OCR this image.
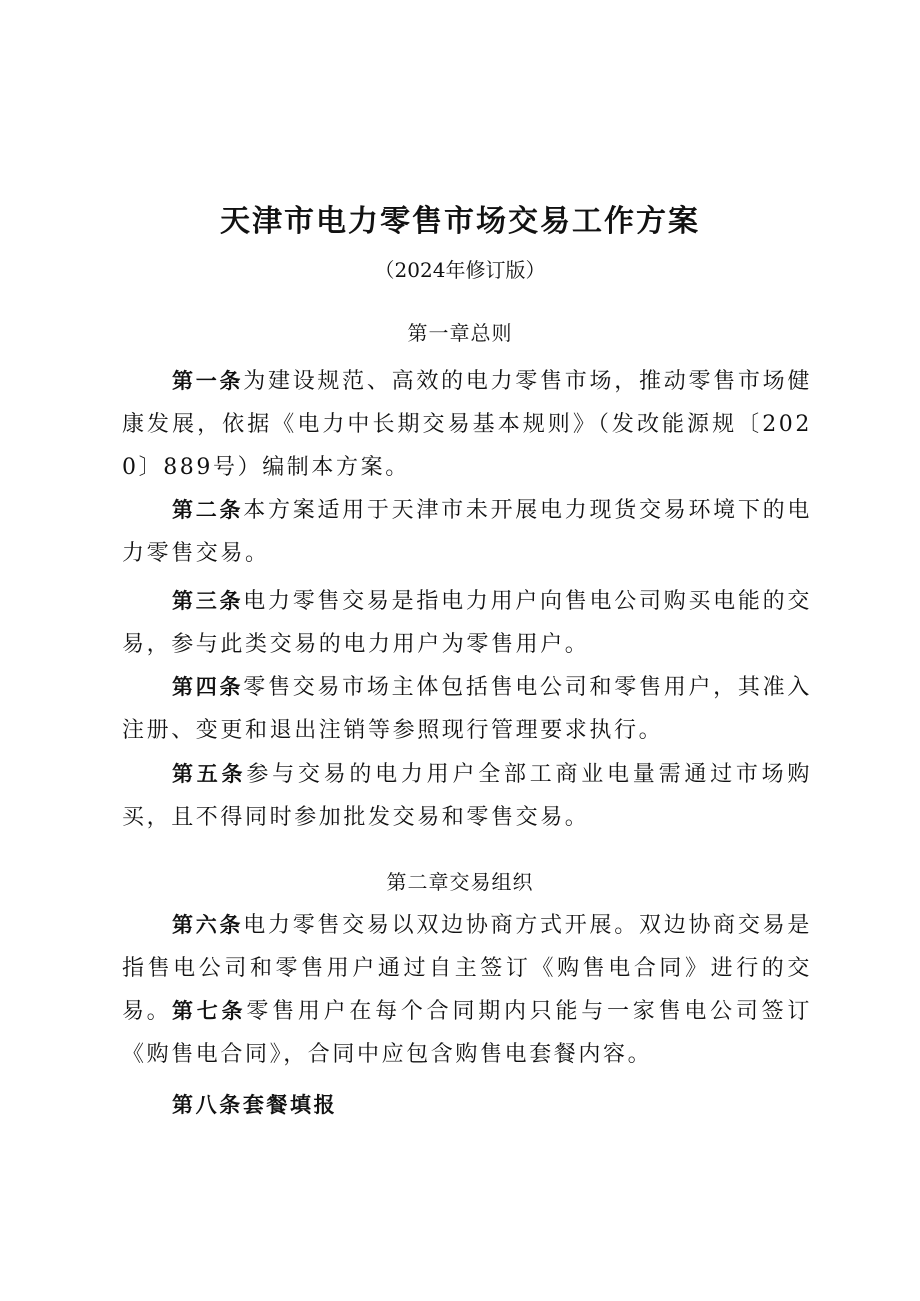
天津市电力零售市场交易工作方案

（2024年修订版）

第一章总则

第一条为建设规范、高效的电力零售市场，推动零售市场健康发展，依据《电力中长期交易基本规则》（发改能源规〔2020〕889号）编制本方案。

第二条本方案适用于天津市未开展电力现货交易环境下的电力零售交易。

第三条电力零售交易是指电力用户向售电公司购买电能的交易，参与此类交易的电力用户为零售用户。

第四条零售交易市场主体包括售电公司和零售用户，其准入注册、变更和退出注销等参照现行管理要求执行。

第五条参与交易的电力用户全部工商业电量需通过市场购买，且不得同时参加批发交易和零售交易。

第二章交易组织

第六条电力零售交易以双边协商方式开展。双边协商交易是指售电公司和零售用户通过自主签订《购售电合同》进行的交易。 第七条零售用户在每个合同期内只能与一家售电公司签订《购售电合同》，合同中应包含购售电套餐内容。

第八条套餐填报
